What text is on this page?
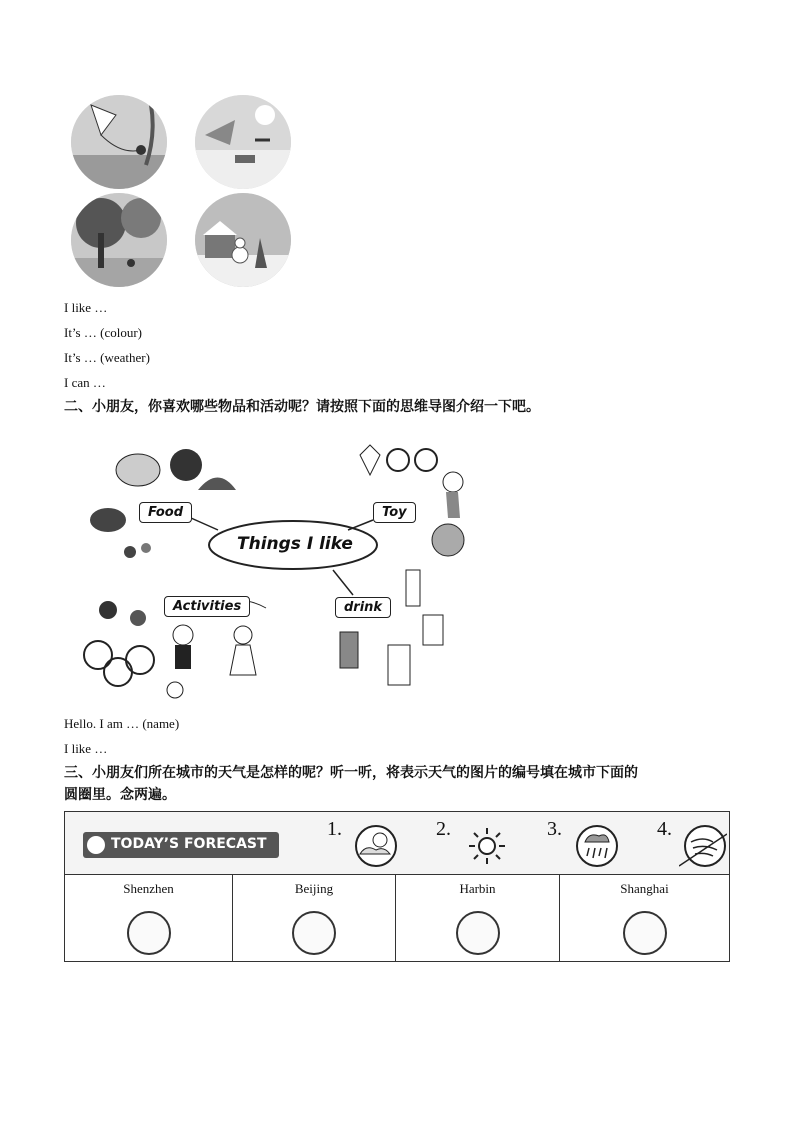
I like …
It’s … (colour)
It’s … (weather)
I can …
二、小朋友，你喜欢哪些物品和活动呢？请按照下面的思维导图介绍一下吧。
Things I like
Food	Toy
Activities	drink
Hello. I am … (name)
I like …
三、小朋友们所在城市的天气是怎样的呢？听一听，将表示天气的图片的编号填在城市下面的
圆圈里。念两遍。
TODAY’S FORECAST
1.	2.	3.	4.
Shenzhen	Beijing	Harbin	Shanghai
